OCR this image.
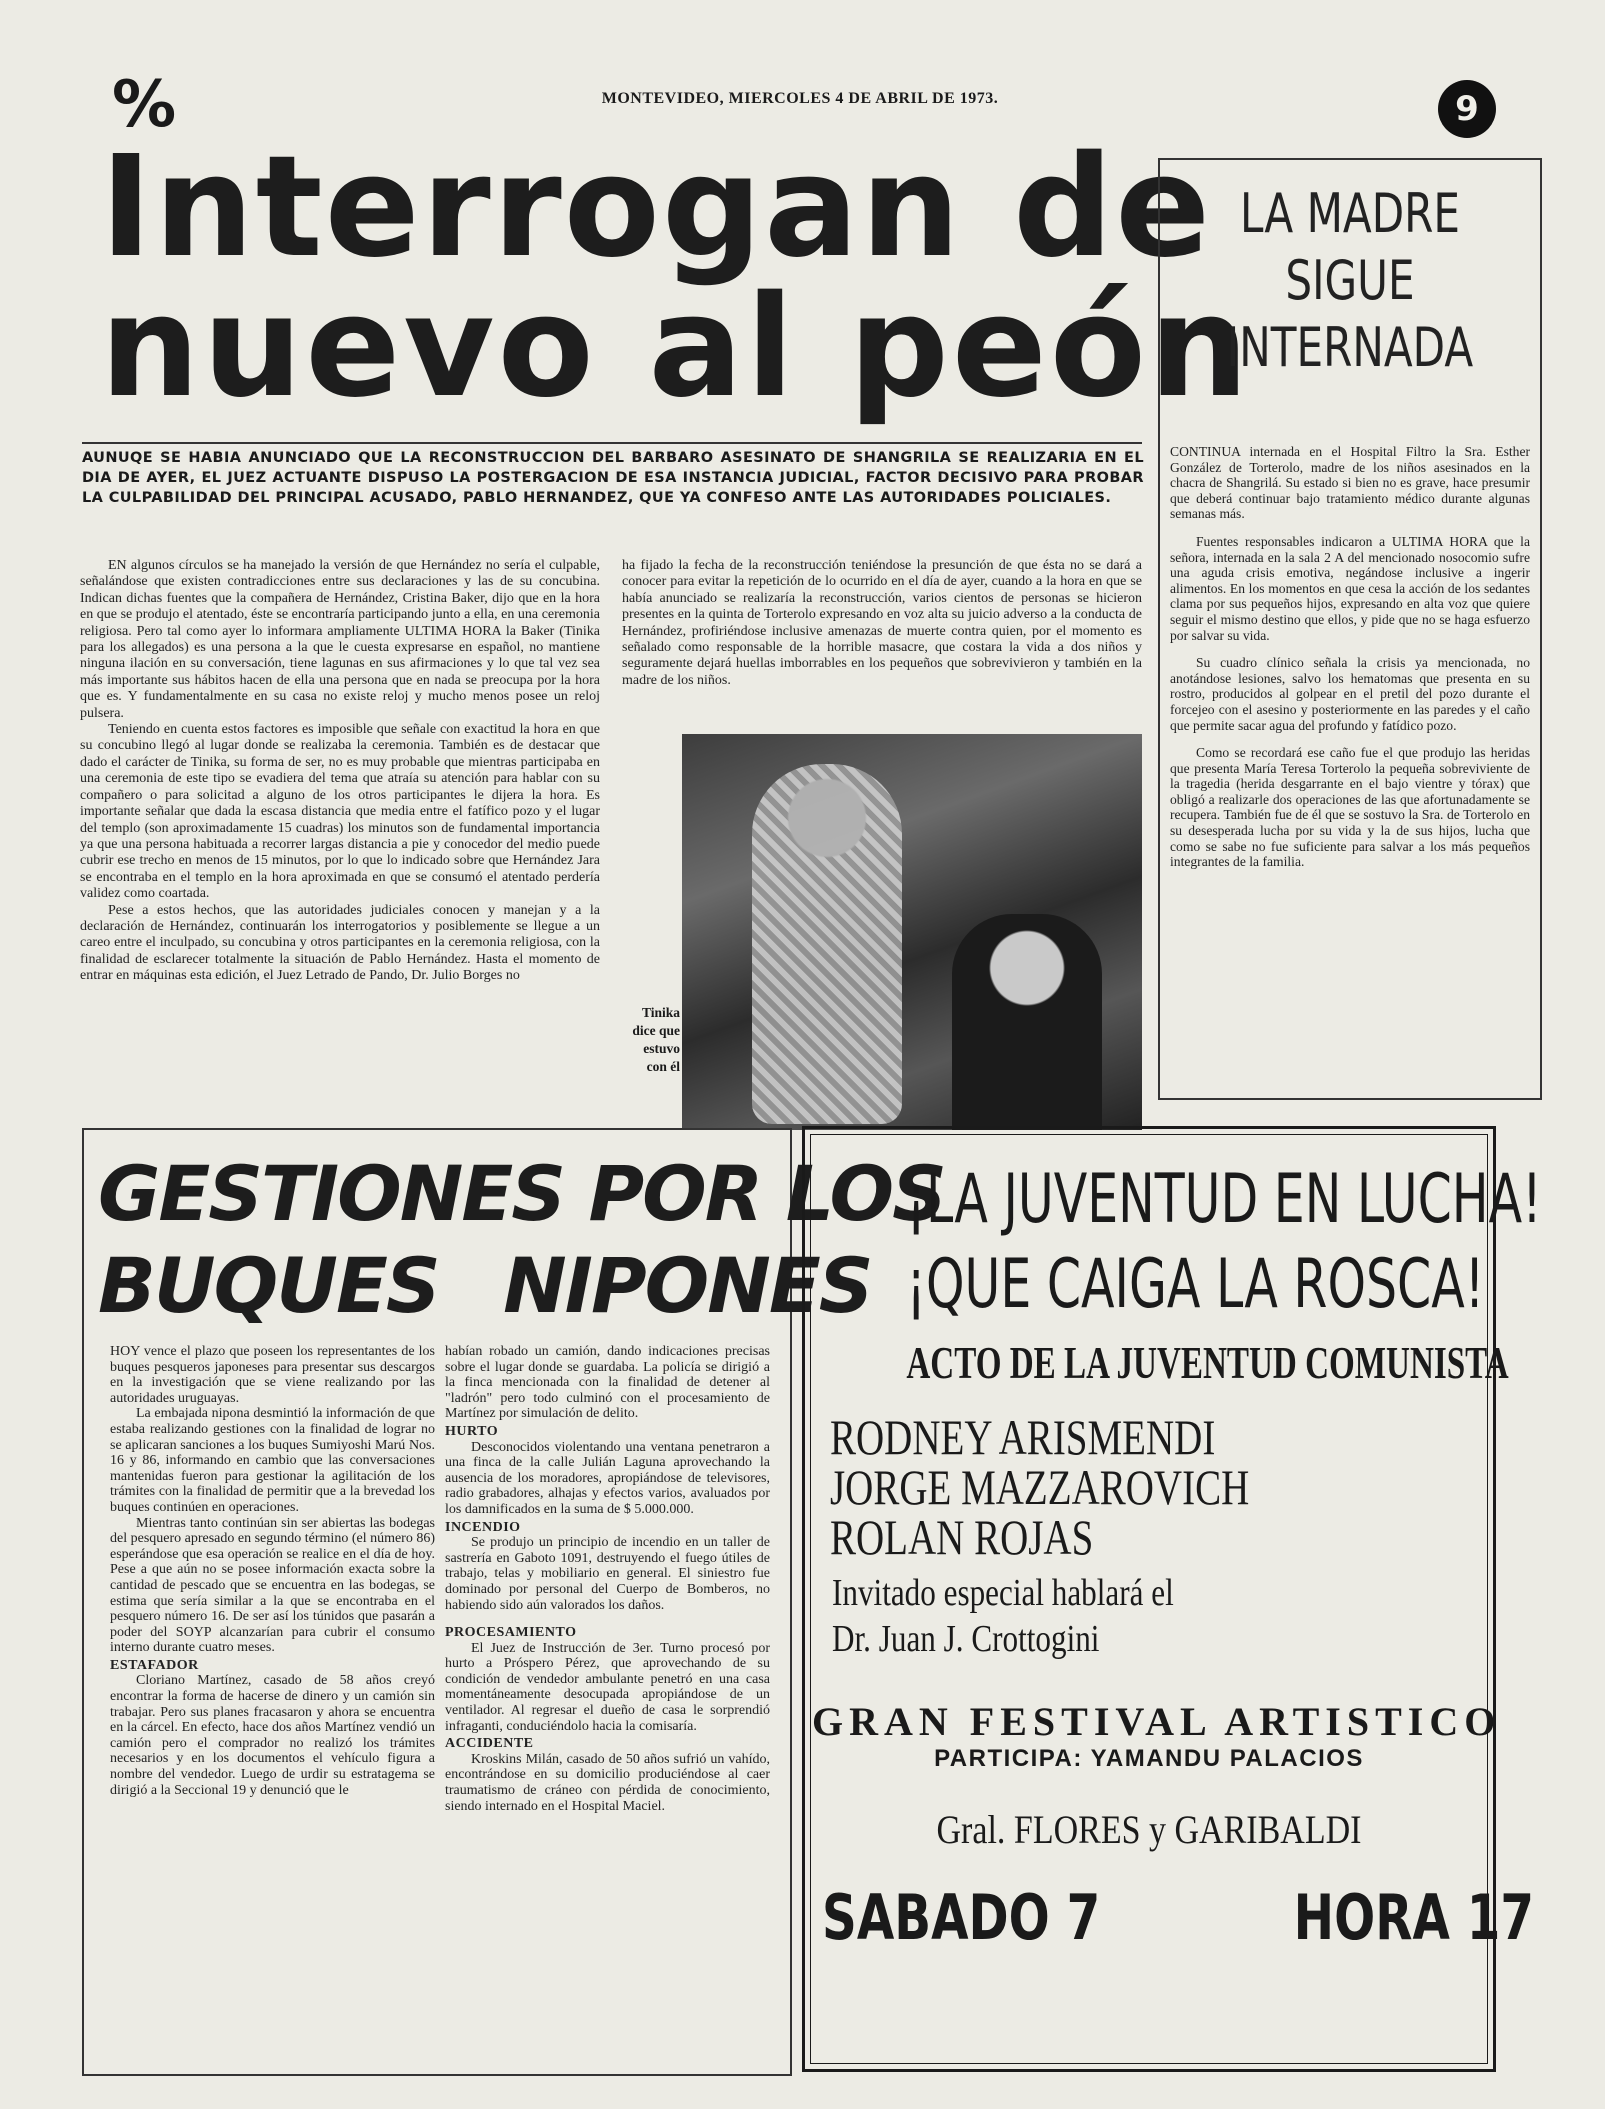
%	MONTEVIDEO, MIERCOLES 4 DE ABRIL DE 1973.	9
Interrogan de
nuevo al peón
AUNUQE SE HABIA ANUNCIADO QUE LA RECONSTRUCCION DEL BARBARO ASESINATO DE SHANGRILA SE REALIZARIA EN EL DIA DE AYER, EL JUEZ ACTUANTE DISPUSO LA POSTERGACION DE ESA INSTANCIA JUDICIAL, FACTOR DECISIVO PARA PROBAR LA CULPABILIDAD DEL PRINCIPAL ACUSADO, PABLO HERNANDEZ, QUE YA CONFESO ANTE LAS AUTORIDADES POLICIALES.

EN algunos círculos se ha manejado la versión de que Hernández no sería el culpable, señalándose que existen contradicciones entre sus declaraciones y las de su concubina. Indican dichas fuentes que la compañera de Hernández, Cristina Baker, dijo que en la hora en que se produjo el atentado, éste se encontraría participando junto a ella, en una ceremonia religiosa. Pero tal como ayer lo informara ampliamente ULTIMA HORA la Baker (Tinika para los allegados) es una persona a la que le cuesta expresarse en español, no mantiene ninguna ilación en su conversación, tiene lagunas en sus afirmaciones y lo que tal vez sea más importante sus hábitos hacen de ella una persona que en nada se preocupa por la hora que es. Y fundamentalmente en su casa no existe reloj y mucho menos posee un reloj pulsera.

Teniendo en cuenta estos factores es imposible que señale con exactitud la hora en que su concubino llegó al lugar donde se realizaba la ceremonia. También es de destacar que dado el carácter de Tinika, su forma de ser, no es muy probable que mientras participaba en una ceremonia de este tipo se evadiera del tema que atraía su atención para hablar con su compañero o para solicitad a alguno de los otros participantes le dijera la hora. Es importante señalar que dada la escasa distancia que media entre el fatífico pozo y el lugar del templo (son aproximadamente 15 cuadras) los minutos son de fundamental importancia ya que una persona habituada a recorrer largas distancia a pie y conocedor del medio puede cubrir ese trecho en menos de 15 minutos, por lo que lo indicado sobre que Hernández Jara se encontraba en el templo en la hora aproximada en que se consumó el atentado perdería validez como coartada.

Pese a estos hechos, que las autoridades judiciales conocen y manejan y a la declaración de Hernández, continuarán los interrogatorios y posiblemente se llegue a un careo entre el inculpado, su concubina y otros participantes en la ceremonia religiosa, con la finalidad de esclarecer totalmente la situación de Pablo Hernández. Hasta el momento de entrar en máquinas esta edición, el Juez Letrado de Pando, Dr. Julio Borges no

ha fijado la fecha de la reconstrucción teniéndose la presunción de que ésta no se dará a conocer para evitar la repetición de lo ocurrido en el día de ayer, cuando a la hora en que se había anunciado se realizaría la reconstrucción, varios cientos de personas se hicieron presentes en la quinta de Torterolo expresando en voz alta su juicio adverso a la conducta de Hernández, profiriéndose inclusive amenazas de muerte contra quien, por el momento es señalado como responsable de la horrible masacre, que costara la vida a dos niños y seguramente dejará huellas imborrables en los pequeños que sobrevivieron y también en la madre de los niños.

Tinika dice que estuvo con él
LA MADRE
SIGUE
INTERNADA

CONTINUA internada en el Hospital Filtro la Sra. Esther González de Torterolo, madre de los niños asesinados en la chacra de Shangrilá. Su estado si bien no es grave, hace presumir que deberá continuar bajo tratamiento médico durante algunas semanas más.

Fuentes responsables indicaron a ULTIMA HORA que la señora, internada en la sala 2 A del mencionado nosocomio sufre una aguda crisis emotiva, negándose inclusive a ingerir alimentos. En los momentos en que cesa la acción de los sedantes clama por sus pequeños hijos, expresando en alta voz que quiere seguir el mismo destino que ellos, y pide que no se haga esfuerzo por salvar su vida.

Su cuadro clínico señala la crisis ya mencionada, no anotándose lesiones, salvo los hematomas que presenta en su rostro, producidos al golpear en el pretil del pozo durante el forcejeo con el asesino y posteriormente en las paredes y el caño que permite sacar agua del profundo y fatídico pozo.

Como se recordará ese caño fue el que produjo las heridas que presenta María Teresa Torterolo la pequeña sobreviviente de la tragedia (herida desgarrante en el bajo vientre y tórax) que obligó a realizarle dos operaciones de las que afortunadamente se recupera. También fue de él que se sostuvo la Sra. de Torterolo en su desesperada lucha por su vida y la de sus hijos, lucha que como se sabe no fue suficiente para salvar a los más pequeños integrantes de la familia.

GESTIONES POR LOS
BUQUES NIPONES

HOY vence el plazo que poseen los representantes de los buques pesqueros japoneses para presentar sus descargos en la investigación que se viene realizando por las autoridades uruguayas.

La embajada nipona desmintió la información de que estaba realizando gestiones con la finalidad de lograr no se aplicaran sanciones a los buques Sumiyoshi Marú Nos. 16 y 86, informando en cambio que las conversaciones mantenidas fueron para gestionar la agilitación de los trámites con la finalidad de permitir que a la brevedad los buques continúen en operaciones.

Mientras tanto continúan sin ser abiertas las bodegas del pesquero apresado en segundo término (el número 86) esperándose que esa operación se realice en el día de hoy. Pese a que aún no se posee información exacta sobre la cantidad de pescado que se encuentra en las bodegas, se estima que sería similar a la que se encontraba en el pesquero número 16. De ser así los túnidos que pasarán a poder del SOYP alcanzarían para cubrir el consumo interno durante cuatro meses.

ESTAFADOR

Cloriano Martínez, casado de 58 años creyó encontrar la forma de hacerse de dinero y un camión sin trabajar. Pero sus planes fracasaron y ahora se encuentra en la cárcel. En efecto, hace dos años Martínez vendió un camión pero el comprador no realizó los trámites necesarios y en los documentos el vehículo figura a nombre del vendedor. Luego de urdir su estratagema se dirigió a la Seccional 19 y denunció que le

habían robado un camión, dando indicaciones precisas sobre el lugar donde se guardaba. La policía se dirigió a la finca mencionada con la finalidad de detener al "ladrón" pero todo culminó con el procesamiento de Martínez por simulación de delito.

HURTO

Desconocidos violentando una ventana penetraron a una finca de la calle Julián Laguna aprovechando la ausencia de los moradores, apropiándose de televisores, radio grabadores, alhajas y efectos varios, avaluados por los damnificados en la suma de $ 5.000.000.

INCENDIO

Se produjo un principio de incendio en un taller de sastrería en Gaboto 1091, destruyendo el fuego útiles de trabajo, telas y mobiliario en general. El siniestro fue dominado por personal del Cuerpo de Bomberos, no habiendo sido aún valorados los daños.

PROCESAMIENTO

El Juez de Instrucción de 3er. Turno procesó por hurto a Próspero Pérez, que aprovechando de su condición de vendedor ambulante penetró en una casa momentáneamente desocupada apropiándose de un ventilador. Al regresar el dueño de casa le sorprendió infraganti, conduciéndolo hacia la comisaría.

ACCIDENTE

Kroskins Milán, casado de 50 años sufrió un vahído, encontrándose en su domicilio produciéndose al caer traumatismo de cráneo con pérdida de conocimiento, siendo internado en el Hospital Maciel.

¡LA JUVENTUD EN LUCHA!
¡QUE CAIGA LA ROSCA!
ACTO DE LA JUVENTUD COMUNISTA
RODNEY ARISMENDI
JORGE MAZZAROVICH
ROLAN ROJAS
Invitado especial hablará el
Dr. Juan J. Crottogini
GRAN FESTIVAL ARTISTICO
PARTICIPA: YAMANDU PALACIOS
Gral. FLORES y GARIBALDI
SABADO 7	HORA 17
